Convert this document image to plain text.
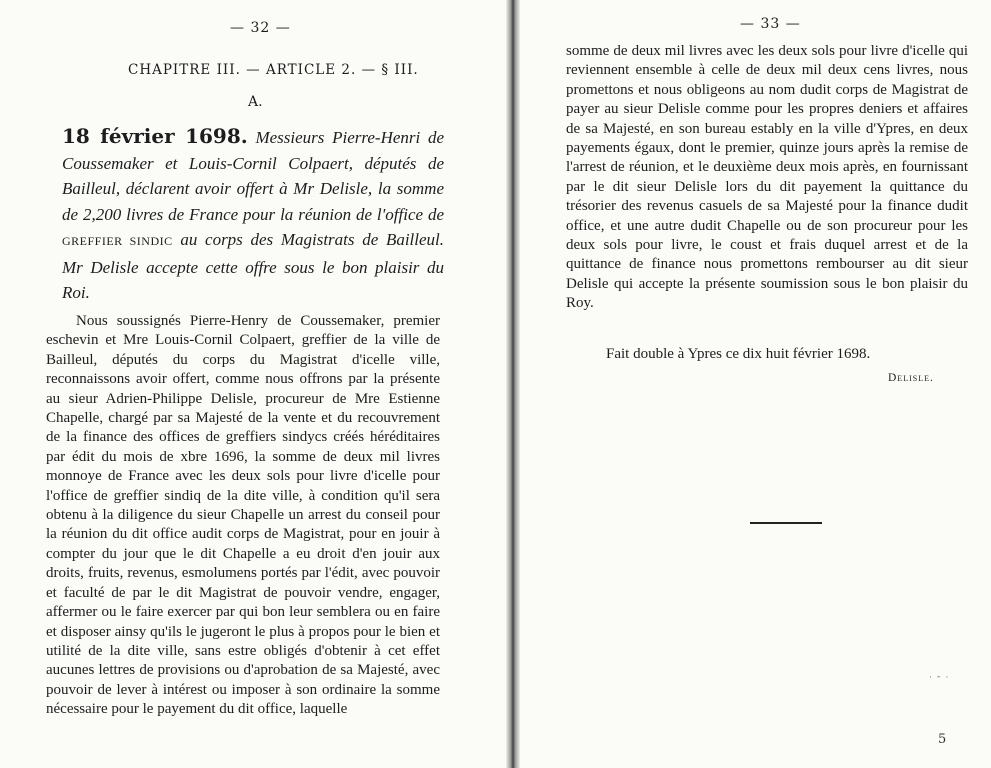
— 32 —
CHAPITRE III. — ARTICLE 2. — § III.
A.
18 février 1698. Messieurs Pierre-Henri de Coussemaker et Louis-Cornil Colpaert, députés de Bailleul, déclarent avoir offert à Mr Delisle, la somme de 2,200 livres de France pour la réunion de l'office de GREFFIER SINDIC au corps des Magistrats de Bailleul. Mr Delisle accepte cette offre sous le bon plaisir du Roi.
Nous soussignés Pierre-Henry de Coussemaker, premier eschevin et Mre Louis-Cornil Colpaert, greffier de la ville de Bailleul, députés du corps du Magistrat d'icelle ville, reconnaissons avoir offert, comme nous offrons par la présente au sieur Adrien-Philippe Delisle, procureur de Mre Estienne Chapelle, chargé par sa Majesté de la vente et du recouvrement de la finance des offices de greffiers sindycs créés héréditaires par édit du mois de xbre 1696, la somme de deux mil livres monnoye de France avec les deux sols pour livre d'icelle pour l'office de greffier sindiq de la dite ville, à condition qu'il sera obtenu à la diligence du sieur Chapelle un arrest du conseil pour la réunion du dit office audit corps de Magistrat, pour en jouir à compter du jour que le dit Chapelle a eu droit d'en jouir aux droits, fruits, revenus, esmolumens portés par l'édit, avec pouvoir et faculté de par le dit Magistrat de pouvoir vendre, engager, affermer ou le faire exercer par qui bon leur semblera ou en faire et disposer ainsy qu'ils le jugeront le plus à propos pour le bien et utilité de la dite ville, sans estre obligés d'obtenir à cet effet aucunes lettres de provisions ou d'aprobation de sa Majesté, avec pouvoir de lever à intérest ou imposer à son ordinaire la somme nécessaire pour le payement du dit office, laquelle
— 33 —

somme de deux mil livres avec les deux sols pour livre d'icelle qui reviennent ensemble à celle de deux mil deux cens livres, nous promettons et nous obligeons au nom dudit corps de Magistrat de payer au sieur Delisle comme pour les propres deniers et affaires de sa Majesté, en son bureau estably en la ville d'Ypres, en deux payements égaux, dont le premier, quinze jours après la remise de l'arrest de réunion, et le deuxième deux mois après, en fournissant par le dit sieur Delisle lors du dit payement la quittance du trésorier des revenus casuels de sa Majesté pour la finance dudit office, et une autre dudit Chapelle ou de son procureur pour les deux sols pour livre, le coust et frais duquel arrest et de la quittance de finance nous promettons rembourser au dit sieur Delisle qui accepte la présente soumission sous le bon plaisir du Roy.

Fait double à Ypres ce dix huit février 1698.
Delisle.
˙ ˉ ˙
5
